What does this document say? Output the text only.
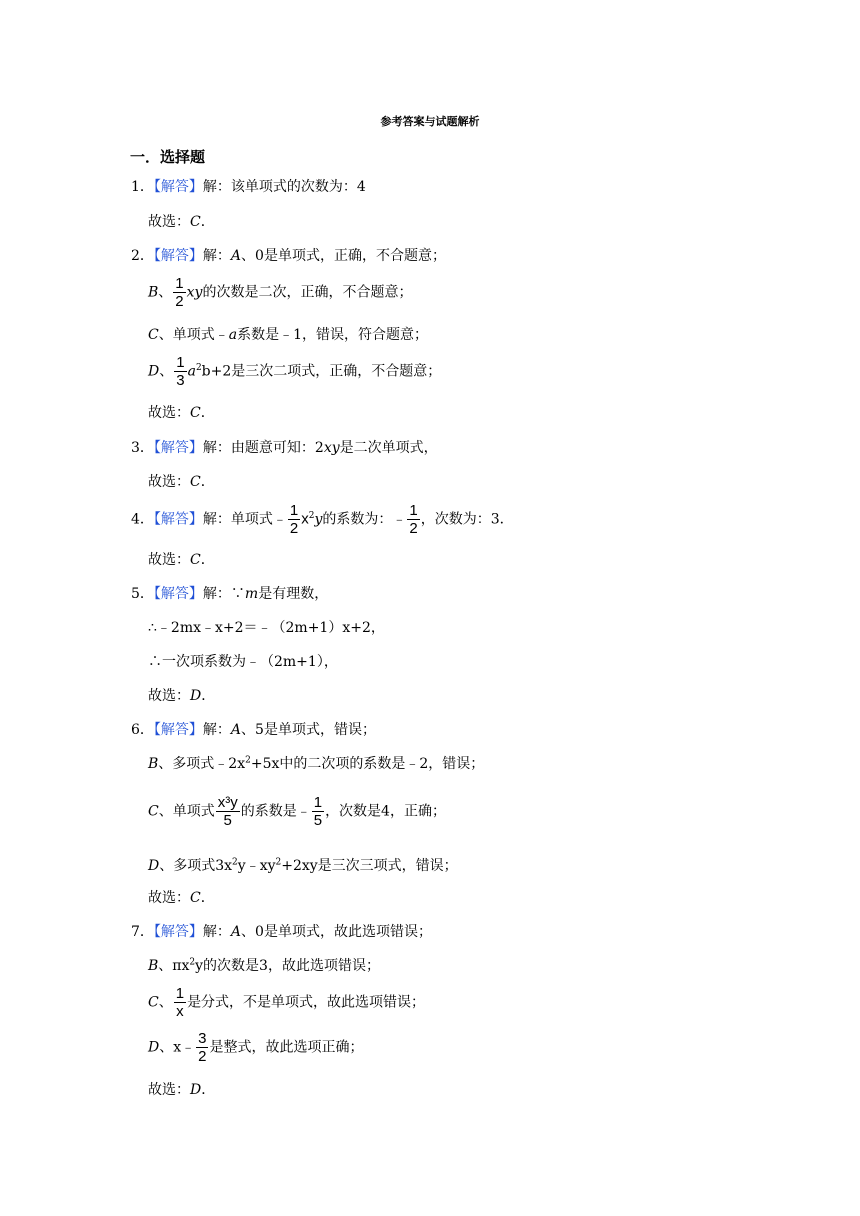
参考答案与试题解析
一．选择题
1．【解答】解：该单项式的次数为：4
故选：C．
2．【解答】解：A、0是单项式，正确，不合题意；
B、 $\frac{1}{2}$ xy的次数是二次，正确，不合题意；
C、单项式﹣a系数是﹣1，错误，符合题意；
D、 $\frac{1}{3} a^2b+2$是三次二项式，正确，不合题意；
故选：C．
3．【解答】解：由题意可知：2xy是二次单项式，
故选：C．
4．【解答】解：单项式﹣ $\frac{1}{2} x^2y$的系数为：﹣ $\frac{1}{2}$ ，次数为：3．
故选：C．
5．【解答】解：∵m是有理数，
∴﹣2mx﹣x+2＝﹣（2m+1）x+2，
∴一次项系数为﹣（2m+1），
故选：D．
6．【解答】解：A、5是单项式，错误；
B、多项式$﹣2x^2+5x$中的二次项的系数是﹣2，错误；
C、单项式 $\frac{\text{x³y}}{5}$ 的系数是﹣ $\frac{1}{5}$ ，次数是4，正确；
D、多项式$3x^2y﹣xy^2+2xy$是三次三项式，错误；
故选：C．
7．【解答】解：A、0是单项式，故此选项错误；
B、$\pi x^2y$的次数是3，故此选项错误；
C、 $\frac{1}{x}$ 是分式，不是单项式，故此选项错误；
D、x﹣ $\frac{3}{2}$ 是整式，故此选项正确；
故选：D．
